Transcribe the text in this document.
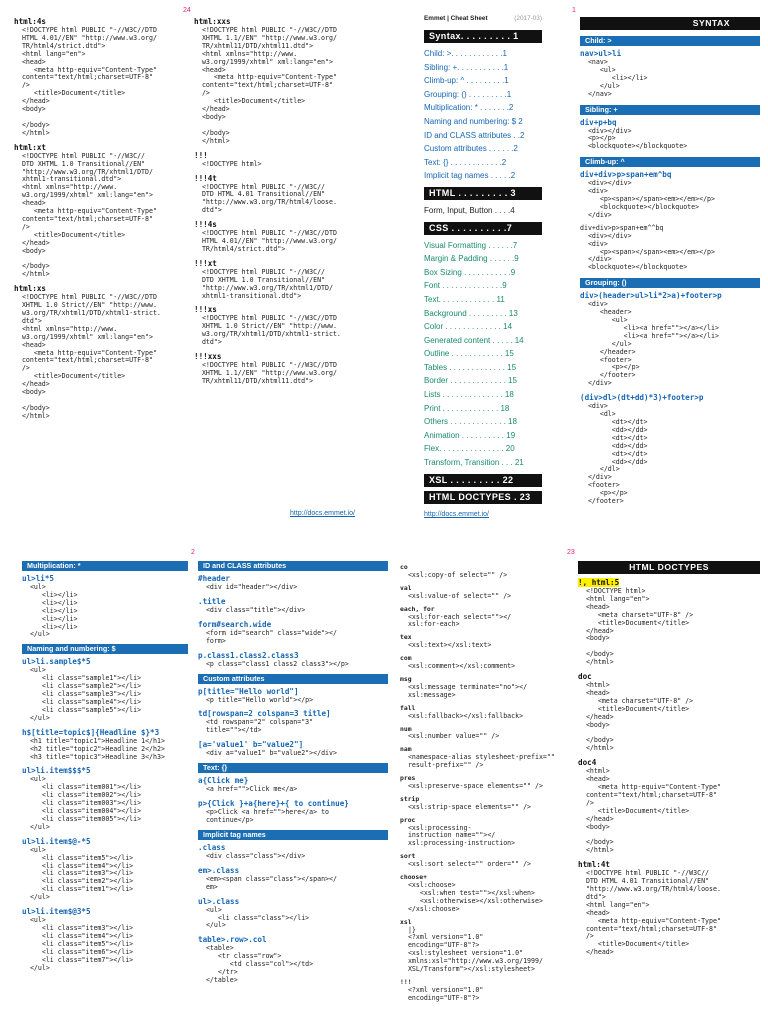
24	1
2	23
http://docs.emmet.io/	http://docs.emmet.io/
html:4s
<!DOCTYPE html PUBLIC "-//W3C//DTD
HTML 4.01//EN" "http://www.w3.org/
TR/html4/strict.dtd">
<html lang="en">
<head>
<meta http-equiv="Content-Type"
content="text/html;charset=UTF-8"
/>
<title>Document</title>
</head>
<body>

</body>
</html>
html:xt
<!DOCTYPE html PUBLIC "-//W3C//
DTD XHTML 1.0 Transitional//EN"
"http://www.w3.org/TR/xhtml1/DTD/
xhtml1-transitional.dtd">
<html xmlns="http://www.
w3.org/1999/xhtml" xml:lang="en">
<head>
<meta http-equiv="Content-Type"
content="text/html;charset=UTF-8"
/>
<title>Document</title>
</head>
<body>

</body>
</html>
html:xs
<!DOCTYPE html PUBLIC "-//W3C//DTD
XHTML 1.0 Strict//EN" "http://www.
w3.org/TR/xhtml1/DTD/xhtml1-strict.
dtd">
<html xmlns="http://www.
w3.org/1999/xhtml" xml:lang="en">
<head>
<meta http-equiv="Content-Type"
content="text/html;charset=UTF-8"
/>
<title>Document</title>
</head>
<body>

</body>
</html>
html:xxs
<!DOCTYPE html PUBLIC "-//W3C//DTD
XHTML 1.1//EN" "http://www.w3.org/
TR/xhtml11/DTD/xhtml11.dtd">
<html xmlns="http://www.
w3.org/1999/xhtml" xml:lang="en">
<head>
<meta http-equiv="Content-Type"
content="text/html;charset=UTF-8"
/>
<title>Document</title>
</head>
<body>

</body>
</html>
!!!
<!DOCTYPE html>
!!!4t
<!DOCTYPE html PUBLIC "-//W3C//
DTD HTML 4.01 Transitional//EN"
"http://www.w3.org/TR/html4/loose.
dtd">
!!!4s
<!DOCTYPE html PUBLIC "-//W3C//DTD
HTML 4.01//EN" "http://www.w3.org/
TR/html4/strict.dtd">
!!!xt
<!DOCTYPE html PUBLIC "-//W3C//
DTD XHTML 1.0 Transitional//EN"
"http://www.w3.org/TR/xhtml1/DTD/
xhtml1-transitional.dtd">
!!!xs
<!DOCTYPE html PUBLIC "-//W3C//DTD
XHTML 1.0 Strict//EN" "http://www.
w3.org/TR/xhtml1/DTD/xhtml1-strict.
dtd">
!!!xxs
<!DOCTYPE html PUBLIC "-//W3C//DTD
XHTML 1.1//EN" "http://www.w3.org/
TR/xhtml11/DTD/xhtml11.dtd">
Emmet | Cheat Sheet	(2017-03)
Syntax. . . . . . . . . 1
Child: >. . . . . . . . . . . .1
Sibling: +. . . . . . . . . . .1
Climb-up: ^ . . . . . . . . .1
Grouping: () . . . . . . . . .1
Multiplication: * . . . . . . .2
Naming and numbering: $ 2
ID and CLASS attributes . .2
Custom attributes . . . . . .2
Text: {} . . . . . . . . . . . .2
Implicit tag names . . . . .2
HTML . . . . . . . . . 3
Form, Input, Button . . . .4
CSS . . . . . . . . . .7
Visual Formatting . . . . . .7
Margin & Padding . . . . . .9
Box Sizing . . . . . . . . . . .9
Font . . . . . . . . . . . . . .9
Text. . . . . . . . . . . . . 11
Background . . . . . . . . . 13
Color . . . . . . . . . . . . . 14
Generated content . . . . . 14
Outline . . . . . . . . . . . . 15
Tables . . . . . . . . . . . . . 15
Border . . . . . . . . . . . . . 15
Lists . . . . . . . . . . . . . . 18
Print . . . . . . . . . . . . . 18
Others . . . . . . . . . . . . . 18
Animation . . . . . . . . . . 19
Flex. . . . . . . . . . . . . . . 20
Transform, Transition . . . 21
XSL . . . . . . . . . 22
HTML DOCTYPES . 23
SYNTAX
Child: >
nav>ul>li
<nav>
<ul>
<li></li>
</ul>
</nav>
Sibling: +
div+p+bq
<div></div>
<p></p>
<blockquote></blockquote>
Climb-up: ^
div+div>p>span+em^bq
<div></div>
<div>
<p><span></span><em></em></p>
<blockquote></blockquote>
</div>
div+div>p>span+em^^bq
<div></div>
<div>
<p><span></span><em></em></p>
</div>
<blockquote></blockquote>
Grouping: ()
div>(header>ul>li*2>a)+footer>p
<div>
<header>
<ul>
<li><a href=""></a></li>
<li><a href=""></a></li>
</ul>
</header>
<footer>
<p></p>
</footer>
</div>
(div>dl>(dt+dd)*3)+footer>p
<div>
<dl>
<dt></dt>
<dd></dd>
<dt></dt>
<dd></dd>
<dt></dt>
<dd></dd>
</dl>
</div>
<footer>
<p></p>
</footer>
Multiplication: *
ul>li*5
<ul>
<li></li>
<li></li>
<li></li>
<li></li>
<li></li>
</ul>
Naming and numbering: $
ul>li.sample$*5
<ul>
<li class="sample1"></li>
<li class="sample2"></li>
<li class="sample3"></li>
<li class="sample4"></li>
<li class="sample5"></li>
</ul>
h$[title=topic$]{Headline $}*3
<h1 title="topic1">Headline 1</h1>
<h2 title="topic2">Headline 2</h2>
<h3 title="topic3">Headline 3</h3>
ul>li.item$$$*5
<ul>
<li class="item001"></li>
<li class="item002"></li>
<li class="item003"></li>
<li class="item004"></li>
<li class="item005"></li>
</ul>
ul>li.item$@-*5
<ul>
<li class="item5"></li>
<li class="item4"></li>
<li class="item3"></li>
<li class="item2"></li>
<li class="item1"></li>
</ul>
ul>li.item$@3*5
<ul>
<li class="item3"></li>
<li class="item4"></li>
<li class="item5"></li>
<li class="item6"></li>
<li class="item7"></li>
</ul>
ID and CLASS attributes
#header
<div id="header"></div>
.title
<div class="title"></div>
form#search.wide
<form id="search" class="wide"></
form>
p.class1.class2.class3
<p class="class1 class2 class3"></p>
Custom attributes
p[title="Hello world"]
<p title="Hello world"></p>
td[rowspan=2 colspan=3 title]
<td rowspan="2" colspan="3"
title=""></td>
[a='value1' b="value2"]
<div a="value1" b="value2"></div>
Text: {}
a{Click me}
<a href="">Click me</a>
p>{Click }+a{here}+{ to continue}
<p>Click <a href="">here</a> to
continue</p>
Implicit tag names
.class
<div class="class"></div>
em>.class
<em><span class="class"></span></
em>
ul>.class
<ul>
<li class="class"></li>
</ul>
table>.row>.col
<table>
<tr class="row">
<td class="col"></td>
</tr>
</table>
co
<xsl:copy-of select="" />
val
<xsl:value-of select="" />
each, for
<xsl:for-each select=""></
xsl:for-each>
tex
<xsl:text></xsl:text>
com
<xsl:comment></xsl:comment>
msg
<xsl:message terminate="no"></
xsl:message>
fall
<xsl:fallback></xsl:fallback>
num
<xsl:number value="" />
nam
<namespace-alias stylesheet-prefix=""
result-prefix="" />
pres
<xsl:preserve-space elements="" />
strip
<xsl:strip-space elements="" />
proc
<xsl:processing-
instruction name=""></
xsl:processing-instruction>
sort
<xsl:sort select="" order="" />
choose+
<xsl:choose>
<xsl:when test=""></xsl:when>
<xsl:otherwise></xsl:otherwise>
</xsl:choose>
xsl
|}
<?xml version="1.0"
encoding="UTF-8"?>
<xsl:stylesheet version="1.0"
xmlns:xsl="http://www.w3.org/1999/
XSL/Transform"></xsl:stylesheet>
!!!
<?xml version="1.0"
encoding="UTF-8"?>
HTML DOCTYPES
!, html:5
<!DOCTYPE html>
<html lang="en">
<head>
<meta charset="UTF-8" />
<title>Document</title>
</head>
<body>

</body>
</html>
doc
<html>
<head>
<meta charset="UTF-8" />
<title>Document</title>
</head>
<body>

</body>
</html>
doc4
<html>
<head>
<meta http-equiv="Content-Type"
content="text/html;charset=UTF-8"
/>
<title>Document</title>
</head>
<body>

</body>
</html>
html:4t
<!DOCTYPE html PUBLIC "-//W3C//
DTD HTML 4.01 Transitional//EN"
"http://www.w3.org/TR/html4/loose.
dtd">
<html lang="en">
<head>
<meta http-equiv="Content-Type"
content="text/html;charset=UTF-8"
/>
<title>Document</title>
</head>
